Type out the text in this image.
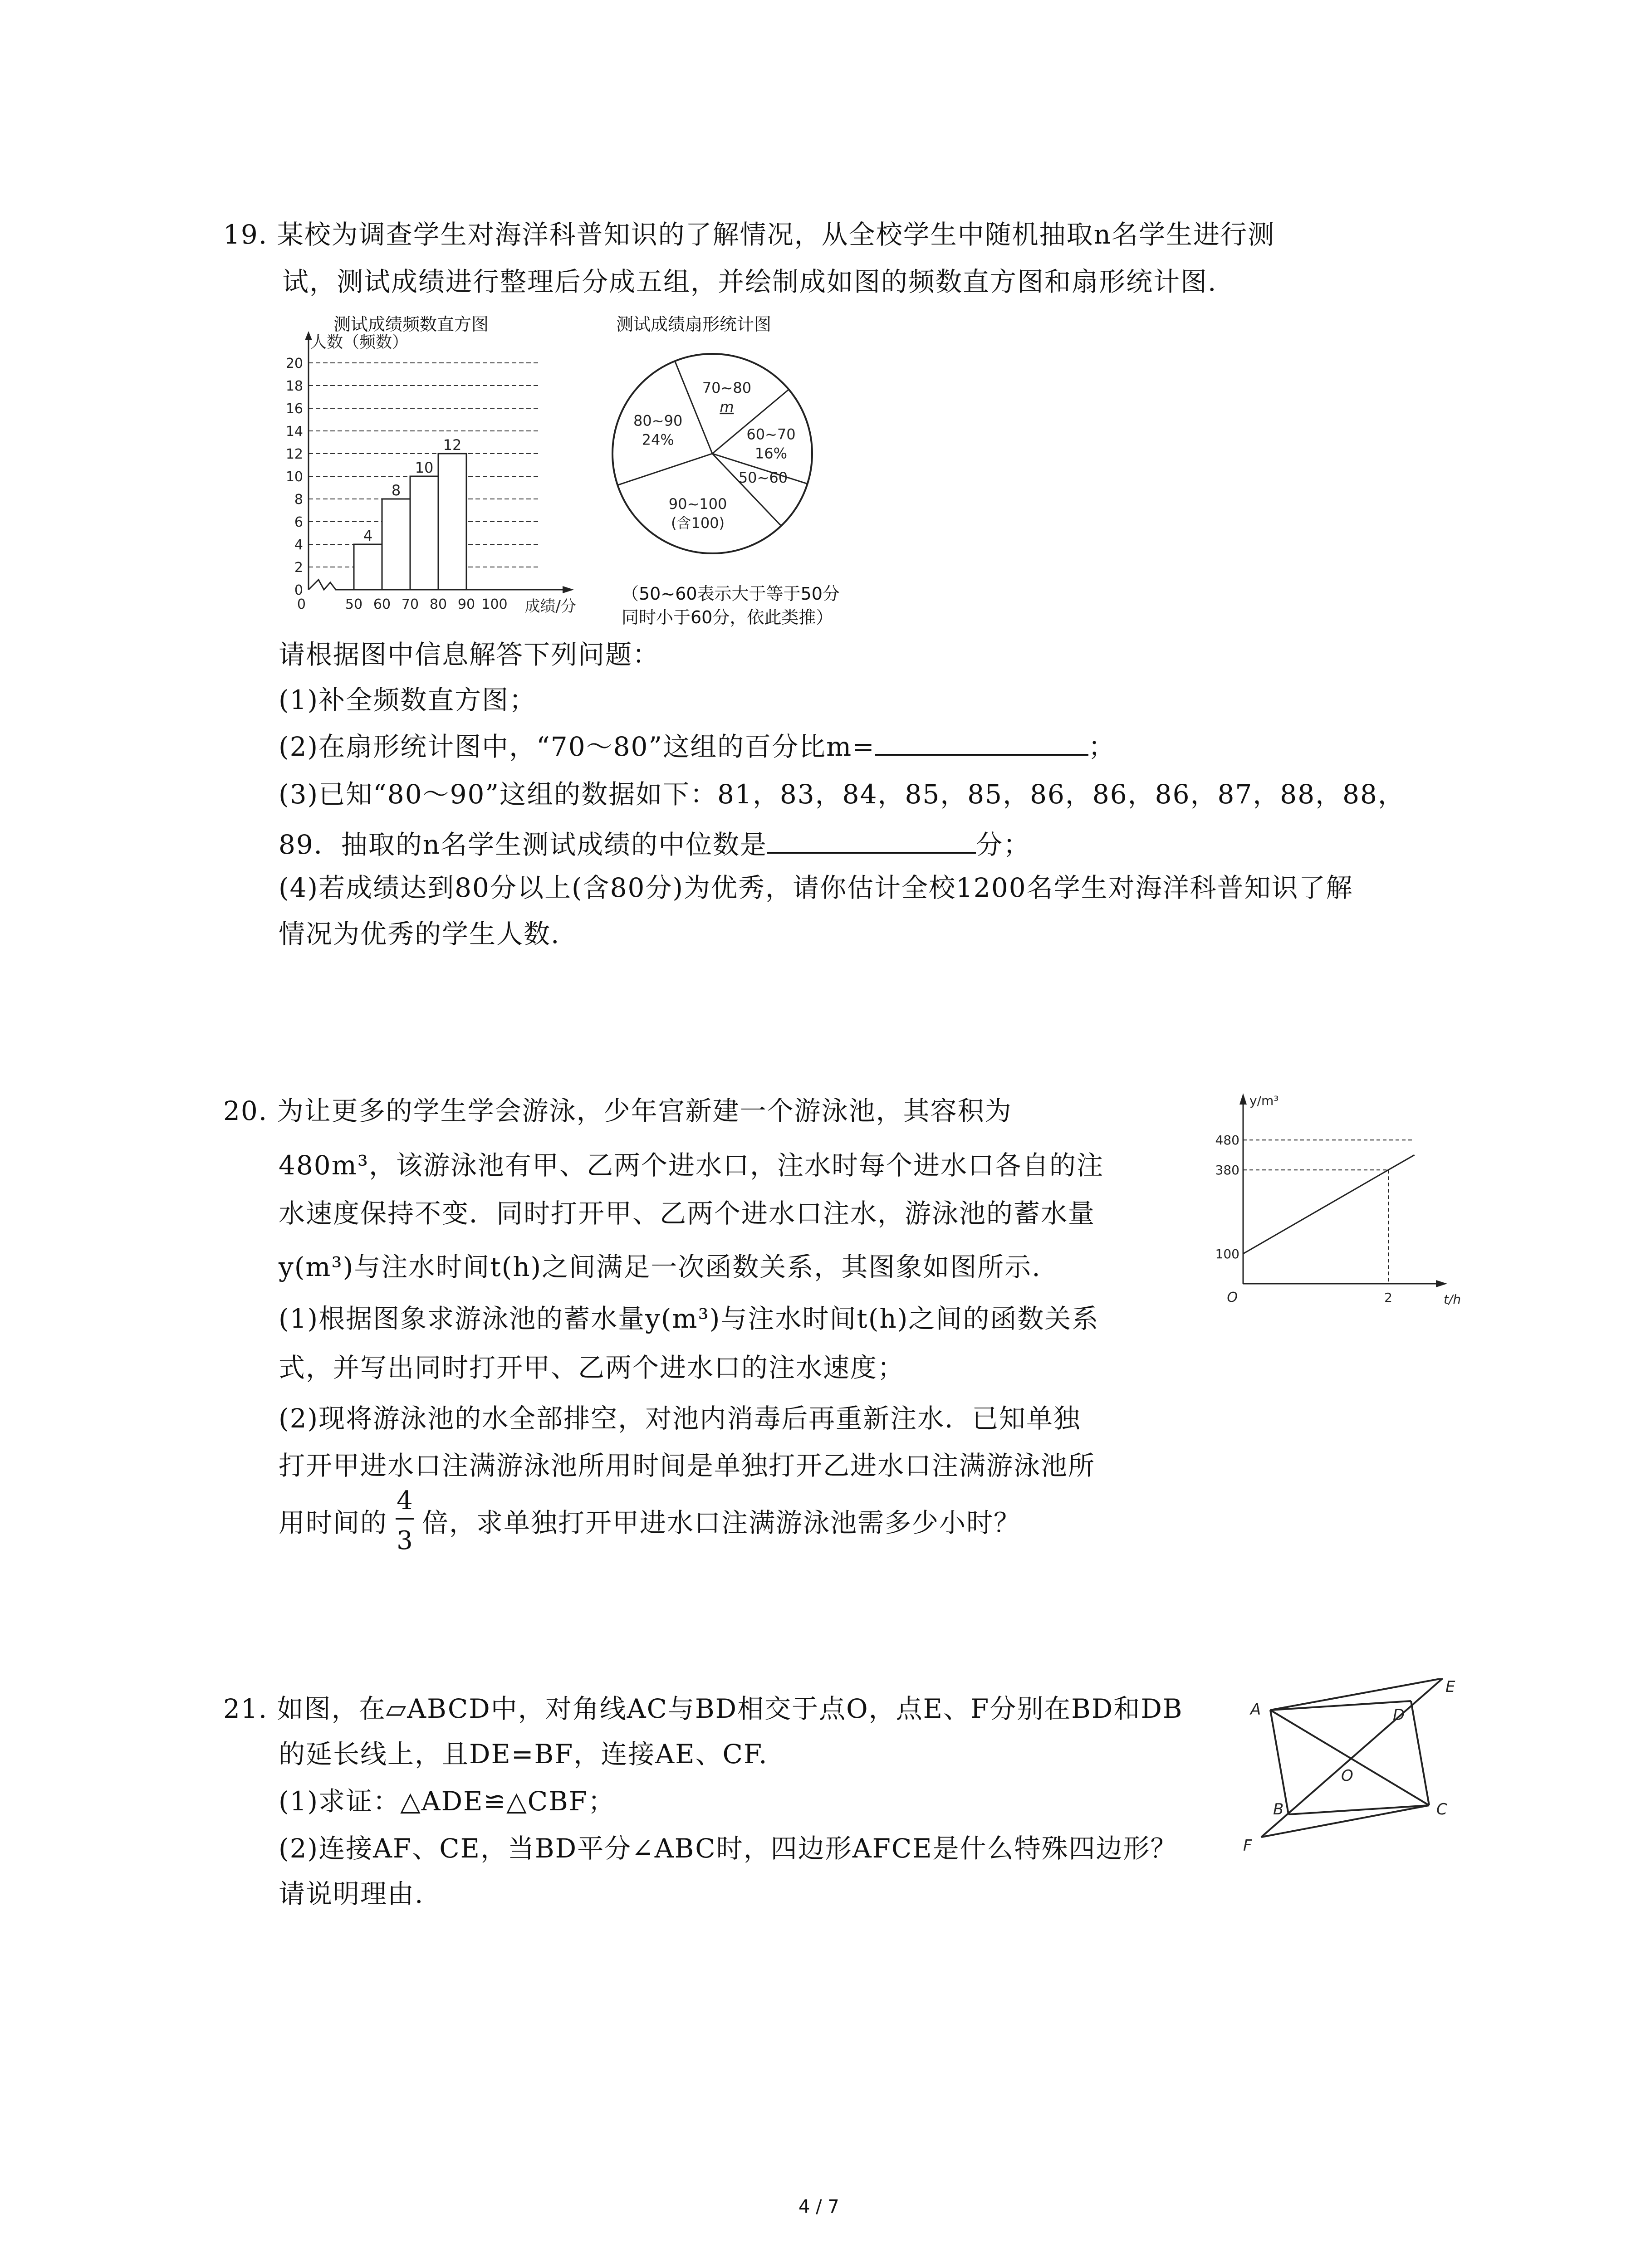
19. 某校为调查学生对海洋科普知识的了解情况，从全校学生中随机抽取n名学生进行测
试，测试成绩进行整理后分成五组，并绘制成如图的频数直方图和扇形统计图.
测试成绩频数直方图	测试成绩扇形统计图
4
8
10
12
0
2
4
6
8
10
12
14
16
18
20
人数（频数）
0	50 60 70 80 90 100 成绩/分
70~80
m
60~70
16%
50~60
90~100
(含100)
80~90
24%
（50~60表示大于等于50分
同时小于60分，依此类推）
请根据图中信息解答下列问题：
(1)补全频数直方图；
(2)在扇形统计图中，“70～80”这组的百分比m=	；
(3)已知“80～90”这组的数据如下：81，83，84，85，85，86，86，86，87，88，88，
89．抽取的n名学生测试成绩的中位数是	分；
(4)若成绩达到80分以上(含80分)为优秀，请你估计全校1200名学生对海洋科普知识了解
情况为优秀的学生人数.
20. 为让更多的学生学会游泳，少年宫新建一个游泳池，其容积为
480m³，该游泳池有甲、乙两个进水口，注水时每个进水口各自的注
水速度保持不变．同时打开甲、乙两个进水口注水，游泳池的蓄水量
y(m³)与注水时间t(h)之间满足一次函数关系，其图象如图所示.
(1)根据图象求游泳池的蓄水量y(m³)与注水时间t(h)之间的函数关系
式，并写出同时打开甲、乙两个进水口的注水速度；
(2)现将游泳池的水全部排空，对池内消毒后再重新注水．已知单独
打开甲进水口注满游泳池所用时间是单独打开乙进水口注满游泳池所
用时间的
4
3
倍，求单独打开甲进水口注满游泳池需多少小时？
y/m³
t/h
O
100
380
480
2
21. 如图，在▱ABCD中，对角线AC与BD相交于点O，点E、F分别在BD和DB
的延长线上，且DE=BF，连接AE、CF.
(1)求证：△ADE≌△CBF；
(2)连接AF、CE，当BD平分∠ABC时，四边形AFCE是什么特殊四边形？
请说明理由.
A	D
E
O
B	C
F
4 / 7
